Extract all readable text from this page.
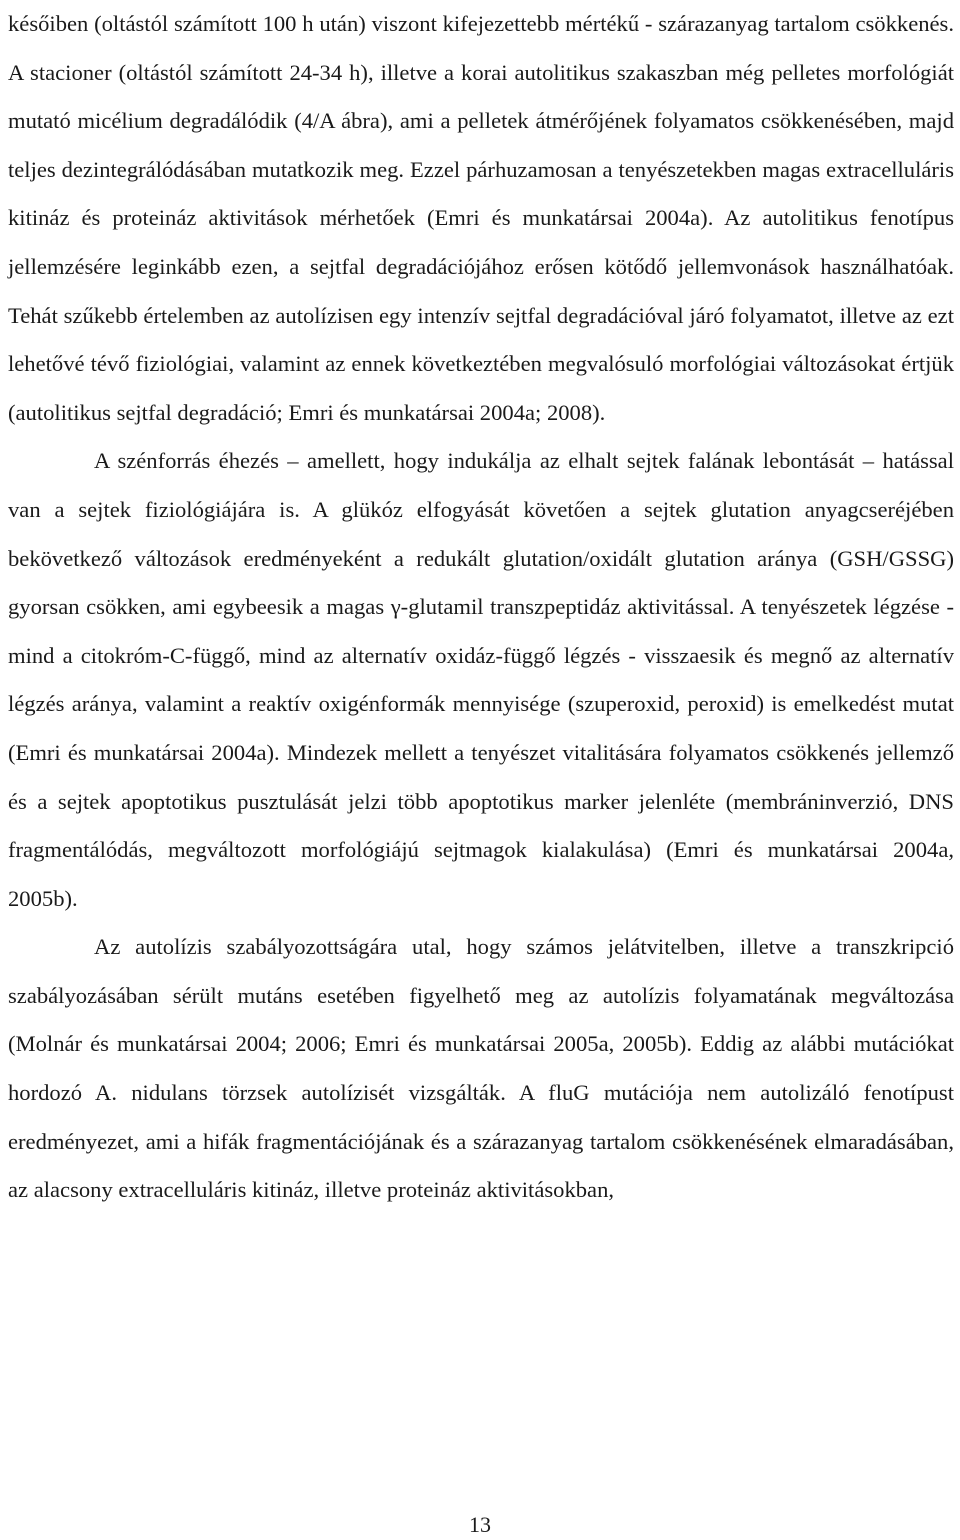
későiben (oltástól számított 100 h után) viszont kifejezettebb mértékű - szárazanyag tartalom csökkenés. A stacioner (oltástól számított 24-34 h), illetve a korai autolitikus szakaszban még pelletes morfológiát mutató micélium degradálódik (4/A ábra), ami a pelletek átmérőjének folyamatos csökkenésében, majd teljes dezintegrálódásában mutatkozik meg. Ezzel párhuzamosan a tenyészetekben magas extracelluláris kitináz és proteináz aktivitások mérhetőek (Emri és munkatársai 2004a). Az autolitikus fenotípus jellemzésére leginkább ezen, a sejtfal degradációjához erősen kötődő jellemvonások használhatóak. Tehát szűkebb értelemben az autolízisen egy intenzív sejtfal degradációval járó folyamatot, illetve az ezt lehetővé tévő fiziológiai, valamint az ennek következtében megvalósuló morfológiai változásokat értjük (autolitikus sejtfal degradáció; Emri és munkatársai 2004a; 2008).

A szénforrás éhezés – amellett, hogy indukálja az elhalt sejtek falának lebontását – hatással van a sejtek fiziológiájára is. A glükóz elfogyását követően a sejtek glutation anyagcseréjében bekövetkező változások eredményeként a redukált glutation/oxidált glutation aránya (GSH/GSSG) gyorsan csökken, ami egybeesik a magas γ-glutamil transzpeptidáz aktivitással. A tenyészetek légzése - mind a citokróm-C-függő, mind az alternatív oxidáz-függő légzés - visszaesik és megnő az alternatív légzés aránya, valamint a reaktív oxigénformák mennyisége (szuperoxid, peroxid) is emelkedést mutat (Emri és munkatársai 2004a). Mindezek mellett a tenyészet vitalitására folyamatos csökkenés jellemző és a sejtek apoptotikus pusztulását jelzi több apoptotikus marker jelenléte (membráninverzió, DNS fragmentálódás, megváltozott morfológiájú sejtmagok kialakulása) (Emri és munkatársai 2004a, 2005b).

Az autolízis szabályozottságára utal, hogy számos jelátvitelben, illetve a transzkripció szabályozásában sérült mutáns esetében figyelhető meg az autolízis folyamatának megváltozása (Molnár és munkatársai 2004; 2006; Emri és munkatársai 2005a, 2005b). Eddig az alábbi mutációkat hordozó A. nidulans törzsek autolízisét vizsgálták. A fluG mutációja nem autolizáló fenotípust eredményezet, ami a hifák fragmentációjának és a szárazanyag tartalom csökkenésének elmaradásában, az alacsony extracelluláris kitináz, illetve proteináz aktivitásokban,

13
